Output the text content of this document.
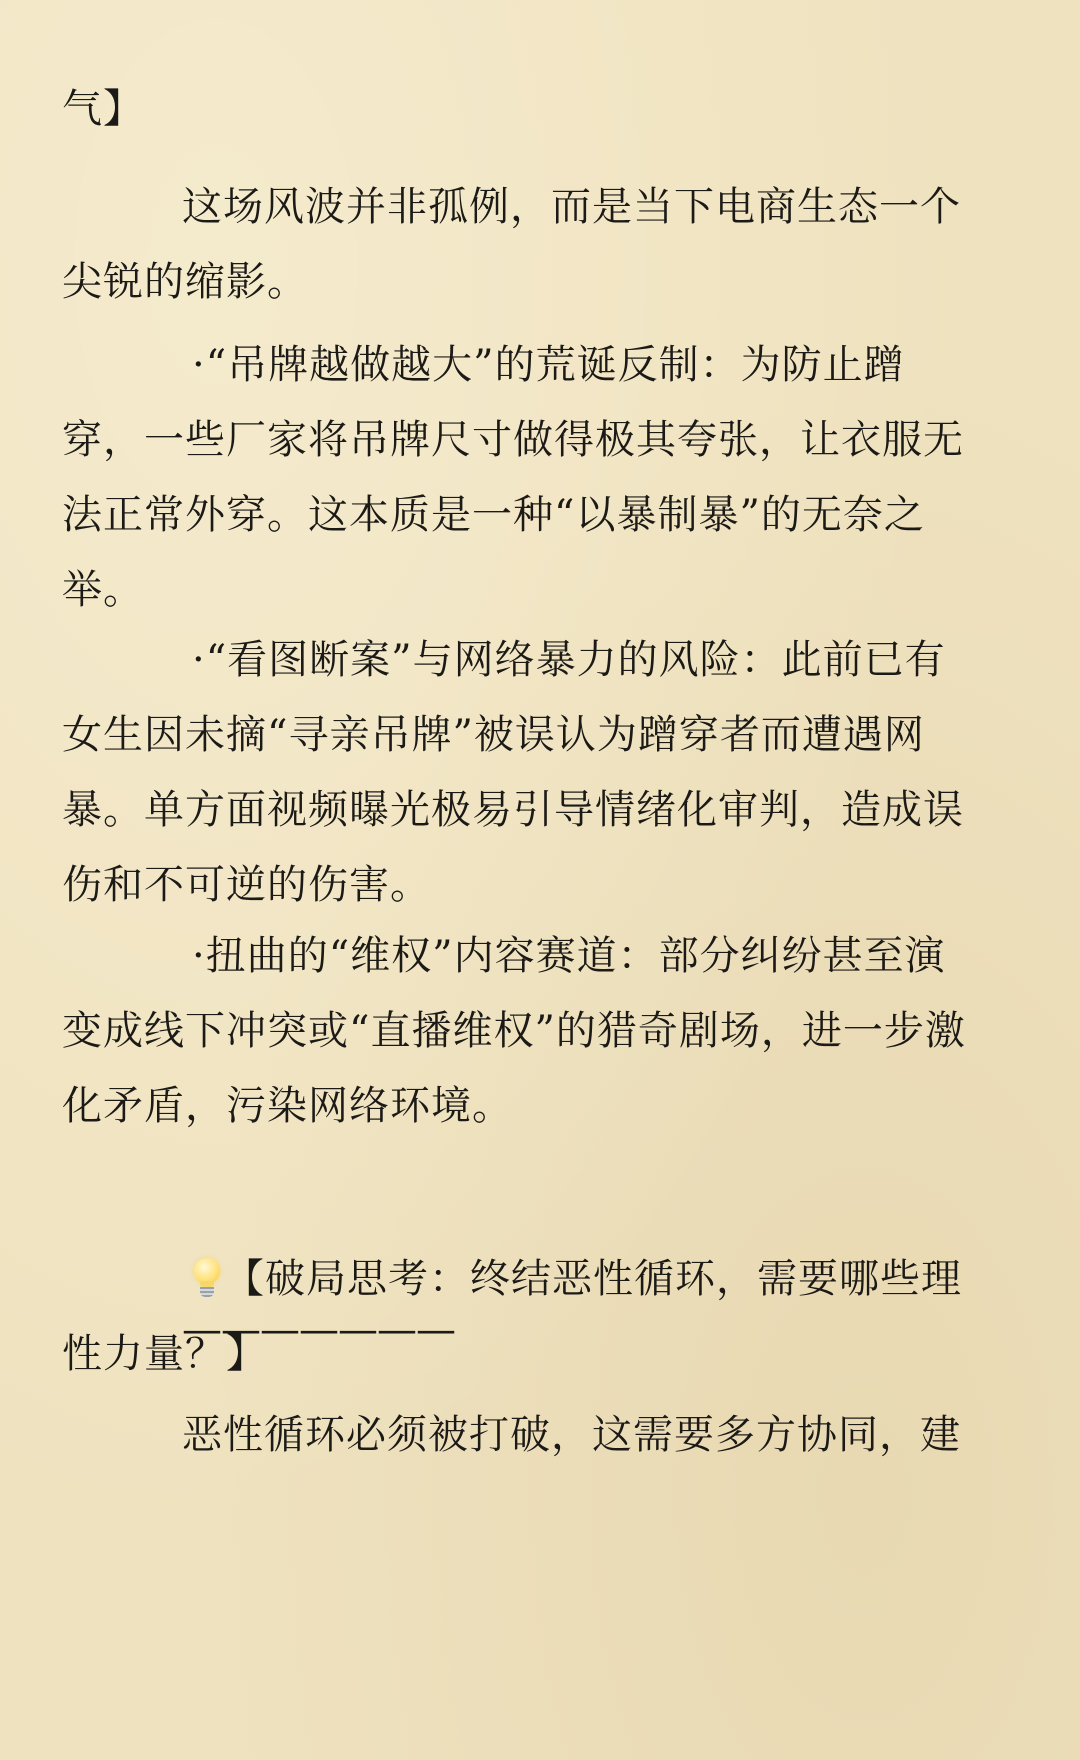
气】

这场风波并非孤例，而是当下电商生态一个
尖锐的缩影。

·“吊牌越做越大”的荒诞反制：为防止蹭
穿，一些厂家将吊牌尺寸做得极其夸张，让衣服无
法正常外穿。这本质是一种“以暴制暴”的无奈之
举。

·“看图断案”与网络暴力的风险：此前已有
女生因未摘“寻亲吊牌”被误认为蹭穿者而遭遇网
暴。单方面视频曝光极易引导情绪化审判，造成误
伤和不可逆的伤害。

·扭曲的“维权”内容赛道：部分纠纷甚至演
变成线下冲突或“直播维权”的猎奇剧场，进一步激
化矛盾，污染网络环境。

———————

【破局思考：终结恶性循环，需要哪些理
性力量？】

恶性循环必须被打破，这需要多方协同，建
